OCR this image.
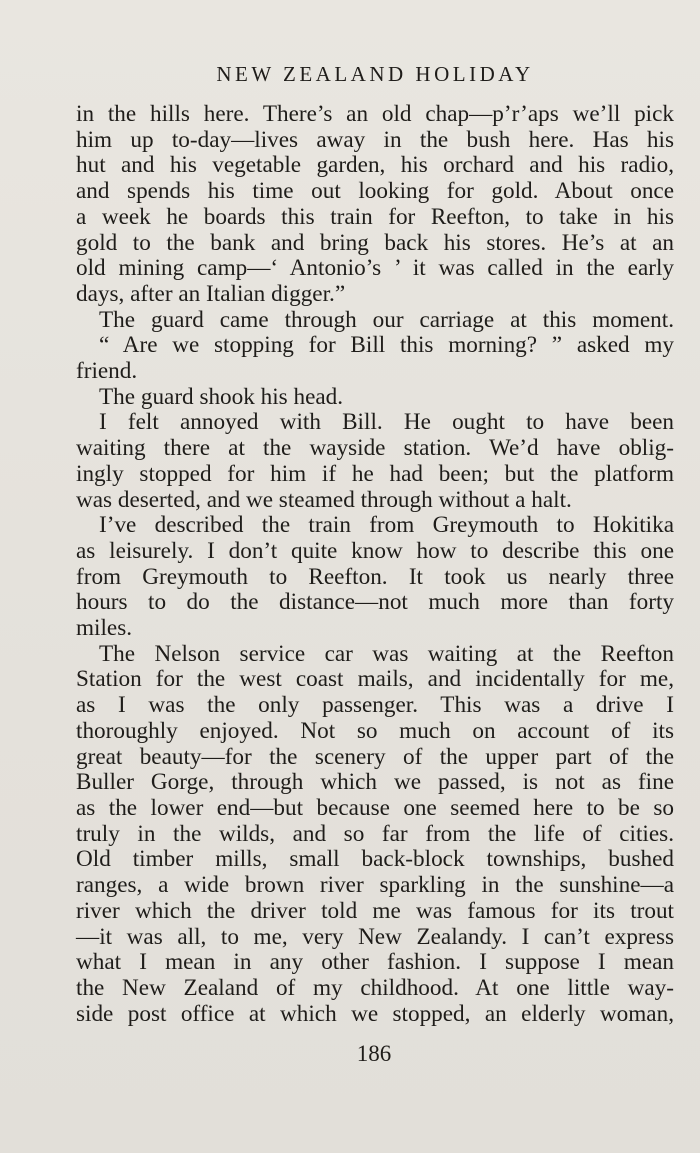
NEW ZEALAND HOLIDAY
in the hills here. There’s an old chap—p’r’aps we’ll pick
him up to-day—lives away in the bush here. Has his
hut and his vegetable garden, his orchard and his radio,
and spends his time out looking for gold. About once
a week he boards this train for Reefton, to take in his
gold to the bank and bring back his stores. He’s at an
old mining camp—‘ Antonio’s ’ it was called in the early
days, after an Italian digger.”
The guard came through our carriage at this moment.
“ Are we stopping for Bill this morning? ” asked my
friend.
The guard shook his head.
I felt annoyed with Bill. He ought to have been
waiting there at the wayside station. We’d have oblig-
ingly stopped for him if he had been; but the platform
was deserted, and we steamed through without a halt.
I’ve described the train from Greymouth to Hokitika
as leisurely. I don’t quite know how to describe this one
from Greymouth to Reefton. It took us nearly three
hours to do the distance—not much more than forty
miles.
The Nelson service car was waiting at the Reefton
Station for the west coast mails, and incidentally for me,
as I was the only passenger. This was a drive I
thoroughly enjoyed. Not so much on account of its
great beauty—for the scenery of the upper part of the
Buller Gorge, through which we passed, is not as fine
as the lower end—but because one seemed here to be so
truly in the wilds, and so far from the life of cities.
Old timber mills, small back-block townships, bushed
ranges, a wide brown river sparkling in the sunshine—a
river which the driver told me was famous for its trout
—it was all, to me, very New Zealandy. I can’t express
what I mean in any other fashion. I suppose I mean
the New Zealand of my childhood. At one little way-
side post office at which we stopped, an elderly woman,
186
